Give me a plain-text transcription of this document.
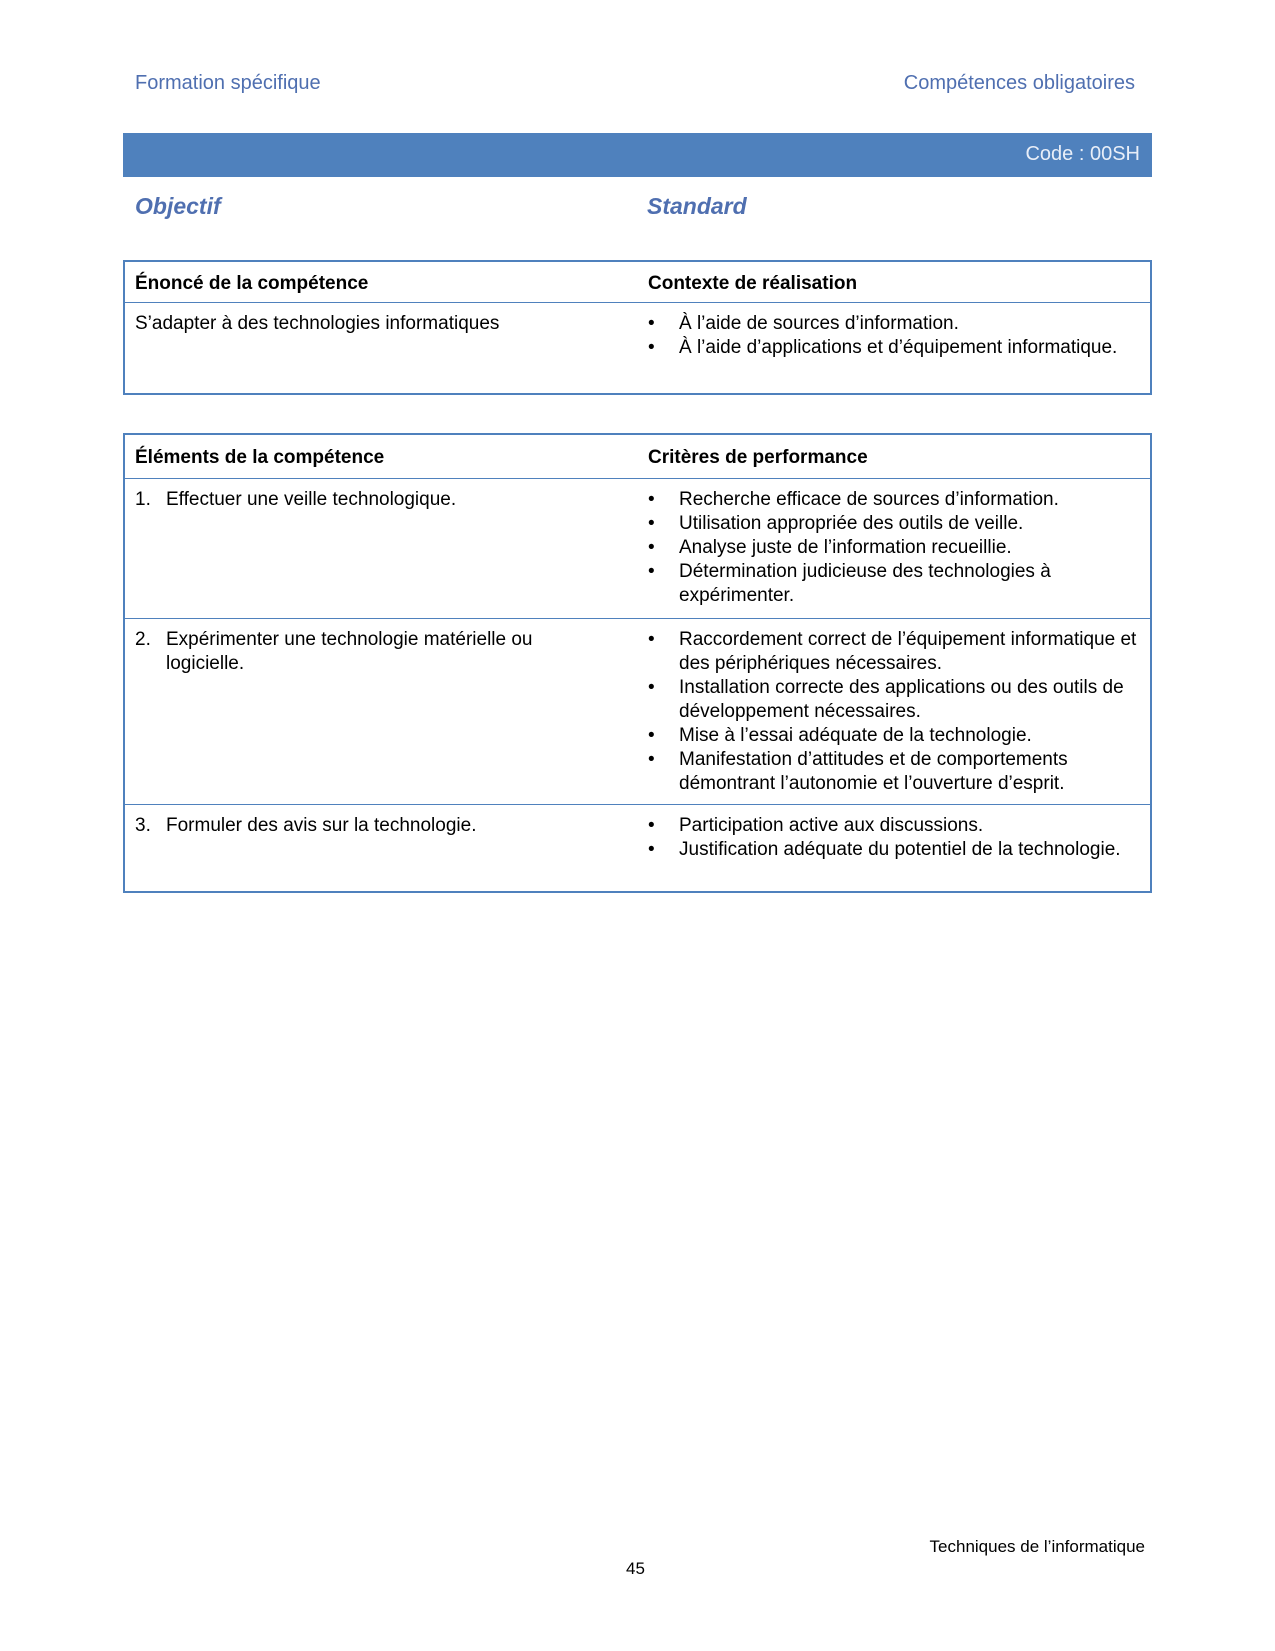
Formation spécifique	Compétences obligatoires
Code : 00SH
Objectif	Standard
Énoncé de la compétence	Contexte de réalisation
S’adapter à des technologies informatiques	• À l’aide de sources d’information.
• À l’aide d’applications et d’équipement informatique.
Éléments de la compétence	Critères de performance
1. Effectuer une veille technologique.	• Recherche efficace de sources d’information.
• Utilisation appropriée des outils de veille.
• Analyse juste de l’information recueillie.
• Détermination judicieuse des technologies à expérimenter.
2. Expérimenter une technologie matérielle ou logicielle.
• Raccordement correct de l’équipement informatique et des périphériques nécessaires.
• Installation correcte des applications ou des outils de développement nécessaires.
• Mise à l’essai adéquate de la technologie.
• Manifestation d’attitudes et de comportements démontrant l’autonomie et l’ouverture d’esprit.
3. Formuler des avis sur la technologie.	• Participation active aux discussions.
• Justification adéquate du potentiel de la technologie.
Techniques de l’informatique
45
